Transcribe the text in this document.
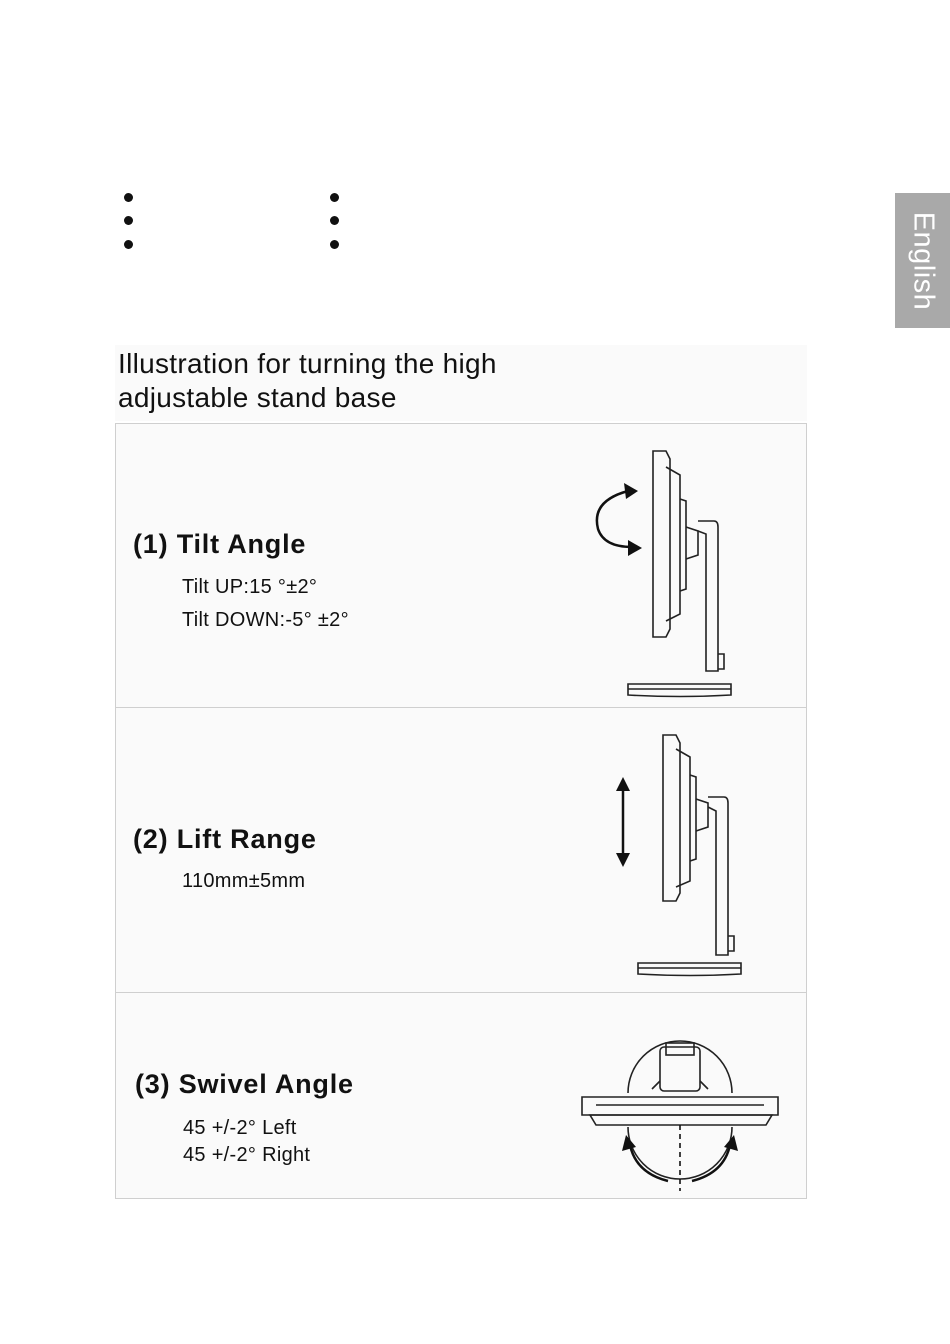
English
Illustration for turning the high
adjustable stand base
(1) Tilt Angle
Tilt UP:15 °±2°
Tilt DOWN:-5° ±2°
(2) Lift Range
110mm±5mm
(3) Swivel Angle
45 +/-2° Left
45 +/-2° Right
